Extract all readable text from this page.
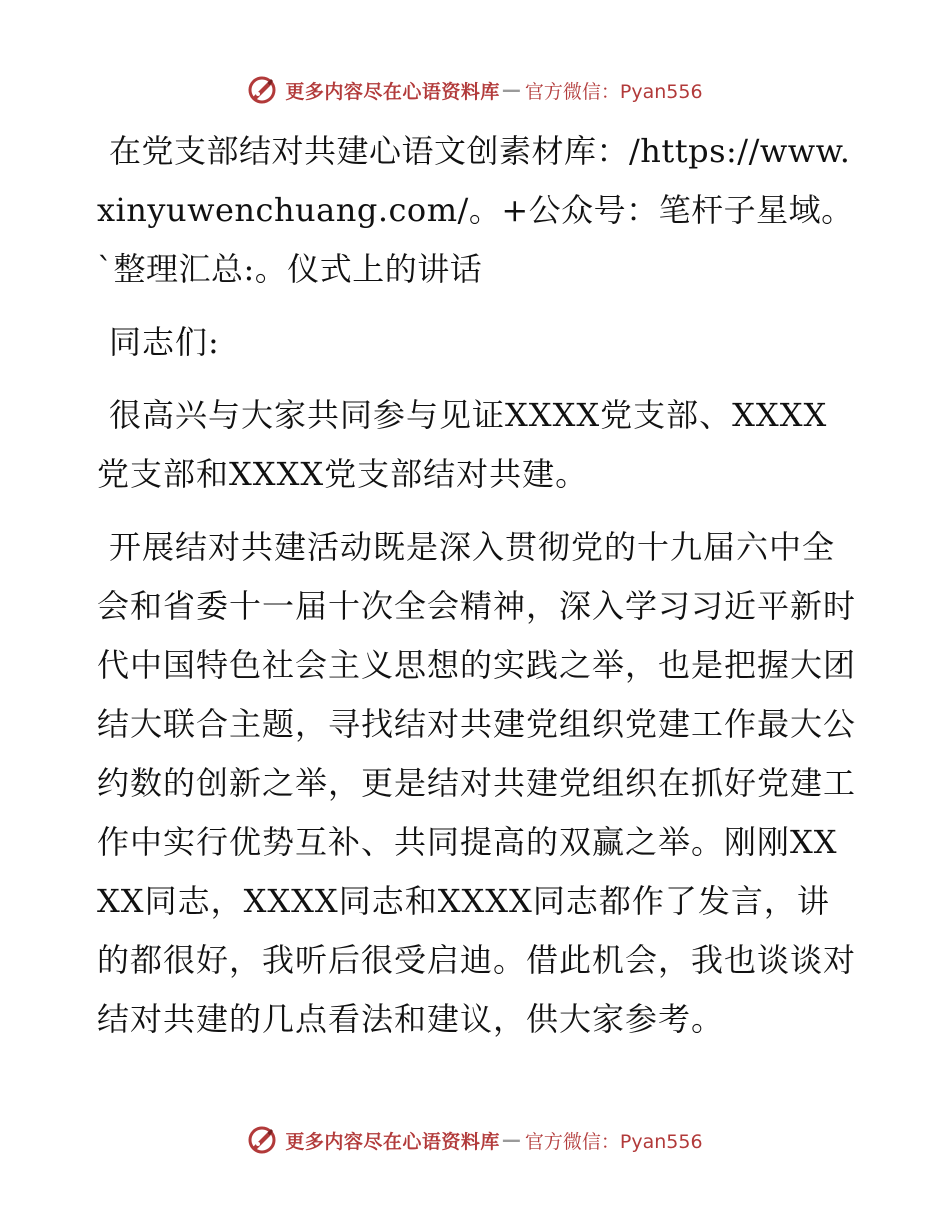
更多内容尽在心语资料库 — 官方微信：Pyan556

在党支部结对共建心语文创素材库：/https://www.xinyuwenchuang.com/。+公众号：笔杆子星域。`整理汇总:。仪式上的讲话

同志们:

很高兴与大家共同参与见证XXXX党支部、XXXX党支部和XXXX党支部结对共建。

开展结对共建活动既是深入贯彻党的十九届六中全会和省委十一届十次全会精神，深入学习习近平新时代中国特色社会主义思想的实践之举，也是把握大团结大联合主题，寻找结对共建党组织党建工作最大公约数的创新之举，更是结对共建党组织在抓好党建工作中实行优势互补、共同提高的双赢之举。刚刚XXXX同志，XXXX同志和XXXX同志都作了发言，讲的都很好，我听后很受启迪。借此机会，我也谈谈对结对共建的几点看法和建议，供大家参考。

更多内容尽在心语资料库 — 官方微信：Pyan556
